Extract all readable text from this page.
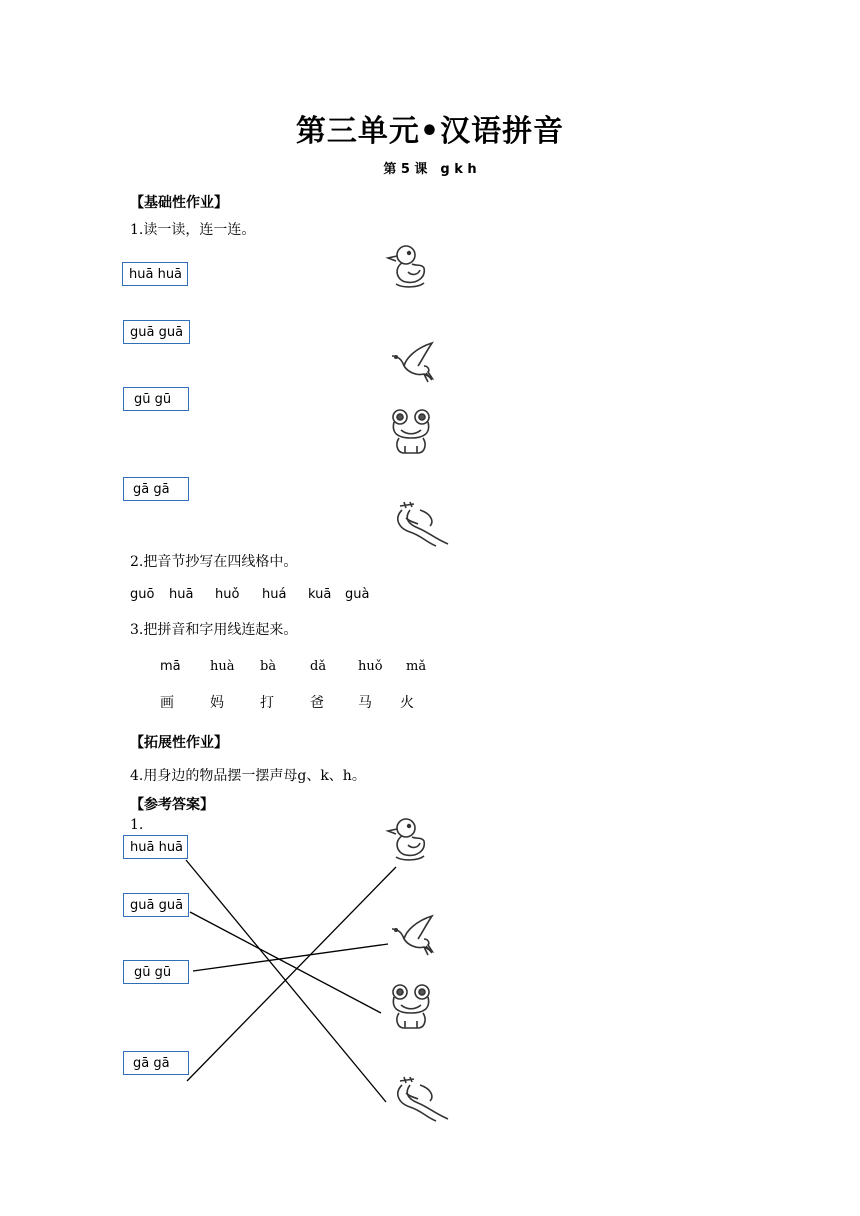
第三单元•汉语拼音
第 5 课　g k h
【基础性作业】
1.读一读，连一连。
huā huā
guā guā
gū gū
gā gā
2.把音节抄写在四线格中。
guō huā huǒ huá kuā guà
3.把拼音和字用线连起来。
mā huà bà	dǎ huǒ mǎ
画	妈	打	爸 马 火
【拓展性作业】
4.用身边的物品摆一摆声母g、k、h。
【参考答案】
1.
huā huā
guā guā
gū gū
gā gā
